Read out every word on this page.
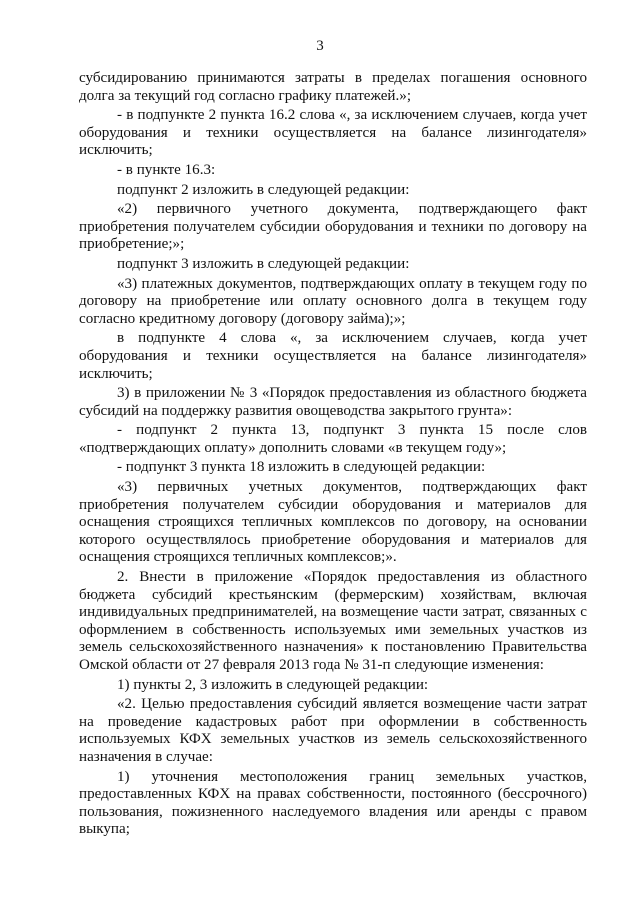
3

субсидированию принимаются затраты в пределах погашения основного долга за текущий год согласно графику платежей.»;

- в подпункте 2 пункта 16.2 слова «, за исключением случаев, когда учет оборудования и техники осуществляется на балансе лизингодателя» исключить;

- в пункте 16.3:

подпункт 2 изложить в следующей редакции:

«2) первичного учетного документа, подтверждающего факт приобретения получателем субсидии оборудования и техники по договору на приобретение;»;

подпункт 3 изложить в следующей редакции:

«3) платежных документов, подтверждающих оплату в текущем году по договору на приобретение или оплату основного долга в текущем году согласно кредитному договору (договору займа);»;

в подпункте 4 слова «, за исключением случаев, когда учет оборудования и техники осуществляется на балансе лизингодателя» исключить;

3) в приложении № 3 «Порядок предоставления из областного бюджета субсидий на поддержку развития овощеводства закрытого грунта»:

- подпункт 2 пункта 13, подпункт 3 пункта 15 после слов «подтверждающих оплату» дополнить словами «в текущем году»;

- подпункт 3 пункта 18 изложить в следующей редакции:

«3) первичных учетных документов, подтверждающих факт приобретения получателем субсидии оборудования и материалов для оснащения строящихся тепличных комплексов по договору, на основании которого осуществлялось приобретение оборудования и материалов для оснащения строящихся тепличных комплексов;».

2. Внести в приложение «Порядок предоставления из областного бюджета субсидий крестьянским (фермерским) хозяйствам, включая индивидуальных предпринимателей, на возмещение части затрат, связанных с оформлением в собственность используемых ими земельных участков из земель сельскохозяйственного назначения» к постановлению Правительства Омской области от 27 февраля 2013 года № 31-п следующие изменения:

1) пункты 2, 3 изложить в следующей редакции:

«2. Целью предоставления субсидий является возмещение части затрат на проведение кадастровых работ при оформлении в собственность используемых КФХ земельных участков из земель сельскохозяйственного назначения в случае:

1) уточнения местоположения границ земельных участков, предоставленных КФХ на правах собственности, постоянного (бессрочного) пользования, пожизненного наследуемого владения или аренды с правом выкупа;
